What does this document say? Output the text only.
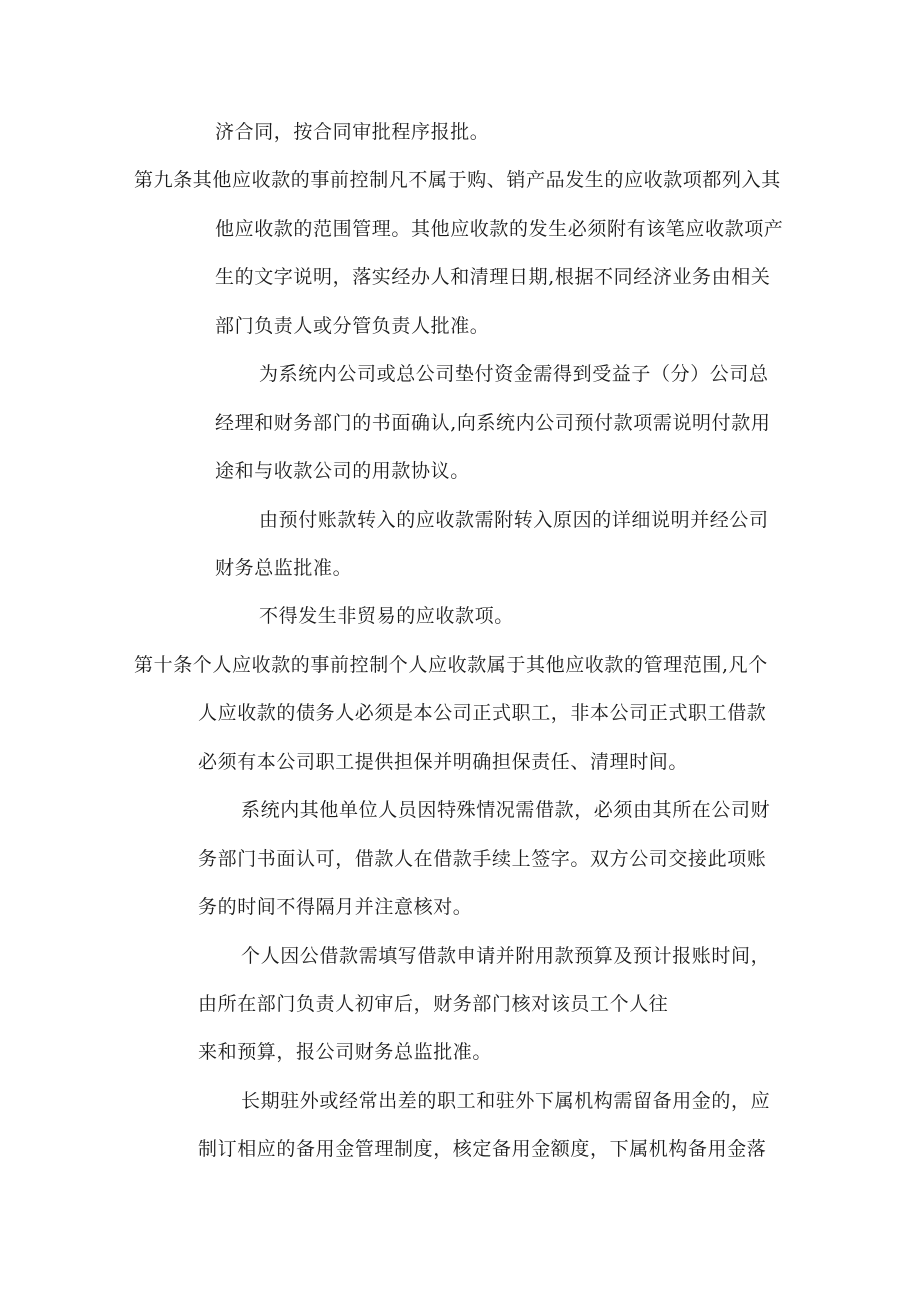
济合同，按合同审批程序报批。
第九条其他应收款的事前控制凡不属于购、销产品发生的应收款项都列入其
他应收款的范围管理。其他应收款的发生必须附有该笔应收款项产
生的文字说明，落实经办人和清理日期,根据不同经济业务由相关
部门负责人或分管负责人批准。
为系统内公司或总公司垫付资金需得到受益子（分）公司总
经理和财务部门的书面确认,向系统内公司预付款项需说明付款用
途和与收款公司的用款协议。
由预付账款转入的应收款需附转入原因的详细说明并经公司
财务总监批准。
不得发生非贸易的应收款项。
第十条个人应收款的事前控制个人应收款属于其他应收款的管理范围,凡个
人应收款的债务人必须是本公司正式职工，非本公司正式职工借款
必须有本公司职工提供担保并明确担保责任、清理时间。
系统内其他单位人员因特殊情况需借款，必须由其所在公司财
务部门书面认可，借款人在借款手续上签字。双方公司交接此项账
务的时间不得隔月并注意核对。
个人因公借款需填写借款申请并附用款预算及预计报账时间，
由所在部门负责人初审后，财务部门核对该员工个人往
来和预算，报公司财务总监批准。
长期驻外或经常出差的职工和驻外下属机构需留备用金的，应
制订相应的备用金管理制度，核定备用金额度，下属机构备用金落
